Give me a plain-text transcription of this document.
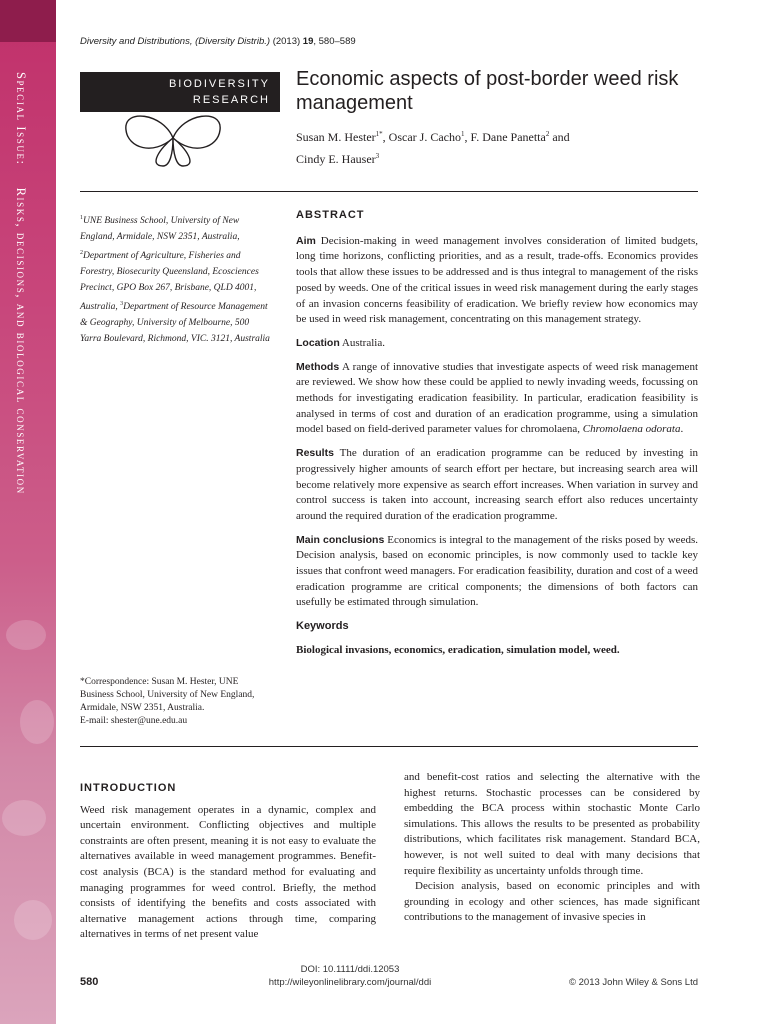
Special Issue:Risks, decisions, and biological conservation
Diversity and Distributions, (Diversity Distrib.) (2013) 19, 580–589
BIODIVERSITY
RESEARCH
Economic aspects of post-border weed risk management
Susan M. Hester$^{1*}$, Oscar J. Cacho$^1$, F. Dane Panetta$^2$ and
Cindy E. Hauser$^3$
$^1$UNE Business School, University of New England, Armidale, NSW 2351, Australia, $^2$Department of Agriculture, Fisheries and Forestry, Biosecurity Queensland, Ecosciences Precinct, GPO Box 267, Brisbane, QLD 4001, Australia, $^3$Department of Resource Management & Geography, University of Melbourne, 500 Yarra Boulevard, Richmond, VIC. 3121, Australia
*Correspondence: Susan M. Hester, UNE
Business School, University of New England,
Armidale, NSW 2351, Australia.
E-mail: shester@une.edu.au
ABSTRACT

Aim Decision-making in weed management involves consideration of limited budgets, long time horizons, conflicting priorities, and as a result, trade-offs. Economics provides tools that allow these issues to be addressed and is thus integral to management of the risks posed by weeds. One of the critical issues in weed risk management during the early stages of an invasion concerns feasibility of eradication. We briefly review how economics may be used in weed risk management, concentrating on this management strategy.

Location Australia.

Methods A range of innovative studies that investigate aspects of weed risk management are reviewed. We show how these could be applied to newly invading weeds, focussing on methods for investigating eradication feasibility. In particular, eradication feasibility is analysed in terms of cost and duration of an eradication programme, using a simulation model based on field-derived parameter values for chromolaena, Chromolaena odorata.

Results The duration of an eradication programme can be reduced by investing in progressively higher amounts of search effort per hectare, but increasing search area will become relatively more expensive as search effort increases. When variation in survey and control success is taken into account, increasing search effort also reduces uncertainty around the required duration of the eradication programme.

Main conclusions Economics is integral to the management of the risks posed by weeds. Decision analysis, based on economic principles, is now commonly used to tackle key issues that confront weed managers. For eradication feasibility, duration and cost of a weed eradication programme are critical components; the dimensions of both factors can usefully be estimated through simulation.

Keywords

Biological invasions, economics, eradication, simulation model, weed.

INTRODUCTION

Weed risk management operates in a dynamic, complex and uncertain environment. Conflicting objectives and multiple constraints are often present, meaning it is not easy to evaluate the alternatives available in weed management programmes. Benefit-cost analysis (BCA) is the standard method for evaluating and managing programmes for weed control. Briefly, the method consists of identifying the benefits and costs associated with alternative management actions through time, comparing alternatives in terms of net present value

and benefit-cost ratios and selecting the alternative with the highest returns. Stochastic processes can be considered by embedding the BCA process within stochastic Monte Carlo simulations. This allows the results to be presented as probability distributions, which facilitates risk management. Standard BCA, however, is not well suited to deal with many decisions that require flexibility as uncertainty unfolds through time.

Decision analysis, based on economic principles and with grounding in ecology and other sciences, has made significant contributions to the management of invasive species in

580
DOI: 10.1111/ddi.12053
http://wileyonlinelibrary.com/journal/ddi	© 2013 John Wiley & Sons Ltd
